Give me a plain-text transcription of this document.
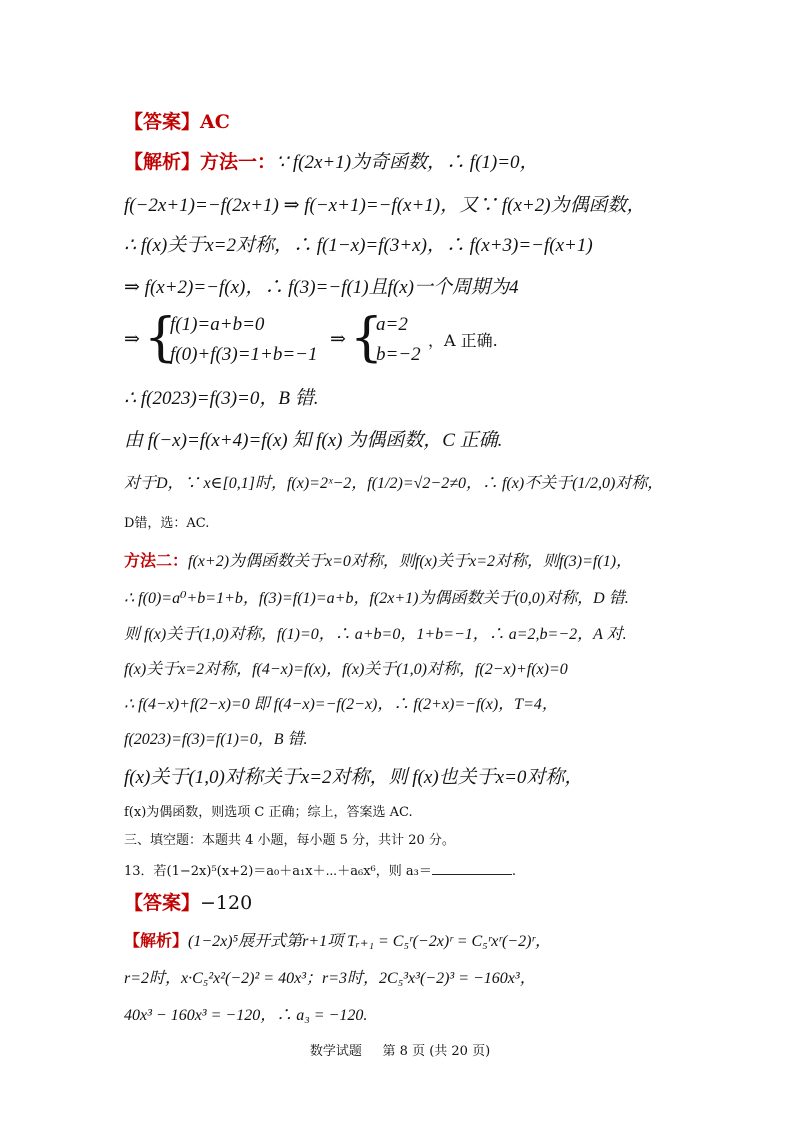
【答案】AC
【解析】方法一：∵ f(2x+1)为奇函数，∴ f(1)=0，
f(−2x+1)=−f(2x+1) ⇒ f(−x+1)=−f(x+1)，又∵ f(x+2)为偶函数，
∴ f(x)关于x=2对称，∴ f(1−x)=f(3+x)，∴ f(x+3)=−f(x+1)
⇒ f(x+2)=−f(x)，∴ f(3)=−f(1)且f(x)一个周期为4
⇒ {
f(1)=a+b=0
f(0)+f(3)=1+b=−1
⇒ {
a=2
b=−2
，A 正确.
∴ f(2023)=f(3)=0，B 错.
由 f(−x)=f(x+4)=f(x) 知 f(x) 为偶函数，C 正确.
对于D，∵ x∈[0,1]时，f(x)=2ˣ−2，f(1/2)=√2−2≠0，∴ f(x)不关于(1/2,0)对称，
D错，选：AC.
方法二：f(x+2)为偶函数关于x=0对称，则f(x)关于x=2对称，则f(3)=f(1)，
∴ f(0)=a⁰+b=1+b，f(3)=f(1)=a+b，f(2x+1)为偶函数关于(0,0)对称，D 错.
则 f(x)关于(1,0)对称，f(1)=0，∴ a+b=0，1+b=−1，∴ a=2,b=−2，A 对.
f(x)关于x=2对称，f(4−x)=f(x)，f(x)关于(1,0)对称，f(2−x)+f(x)=0
∴ f(4−x)+f(2−x)=0 即 f(4−x)=−f(2−x)，∴ f(2+x)=−f(x)，T=4，
f(2023)=f(3)=f(1)=0，B 错.
f(x)关于(1,0)对称关于x=2对称，则 f(x)也关于x=0对称，
f(x)为偶函数，则选项 C 正确；综上，答案选 AC.
三、填空题：本题共 4 小题，每小题 5 分，共计 20 分。
13．若(1−2x)⁵(x+2)＝a₀＋a₁x＋⋯＋a₆x⁶，则 a₃＝	.
【答案】−120
【解析】(1−2x)⁵展开式第r+1项 Tᵣ₊₁ = C₅ʳ(−2x)ʳ = C₅ʳxʳ(−2)ʳ，
r=2时，x·C₅²x²(−2)² = 40x³；r=3时，2C₅³x³(−2)³ = −160x³，
40x³ − 160x³ = −120，∴ a₃ = −120.
数学试题 第 8 页 (共 20 页)
